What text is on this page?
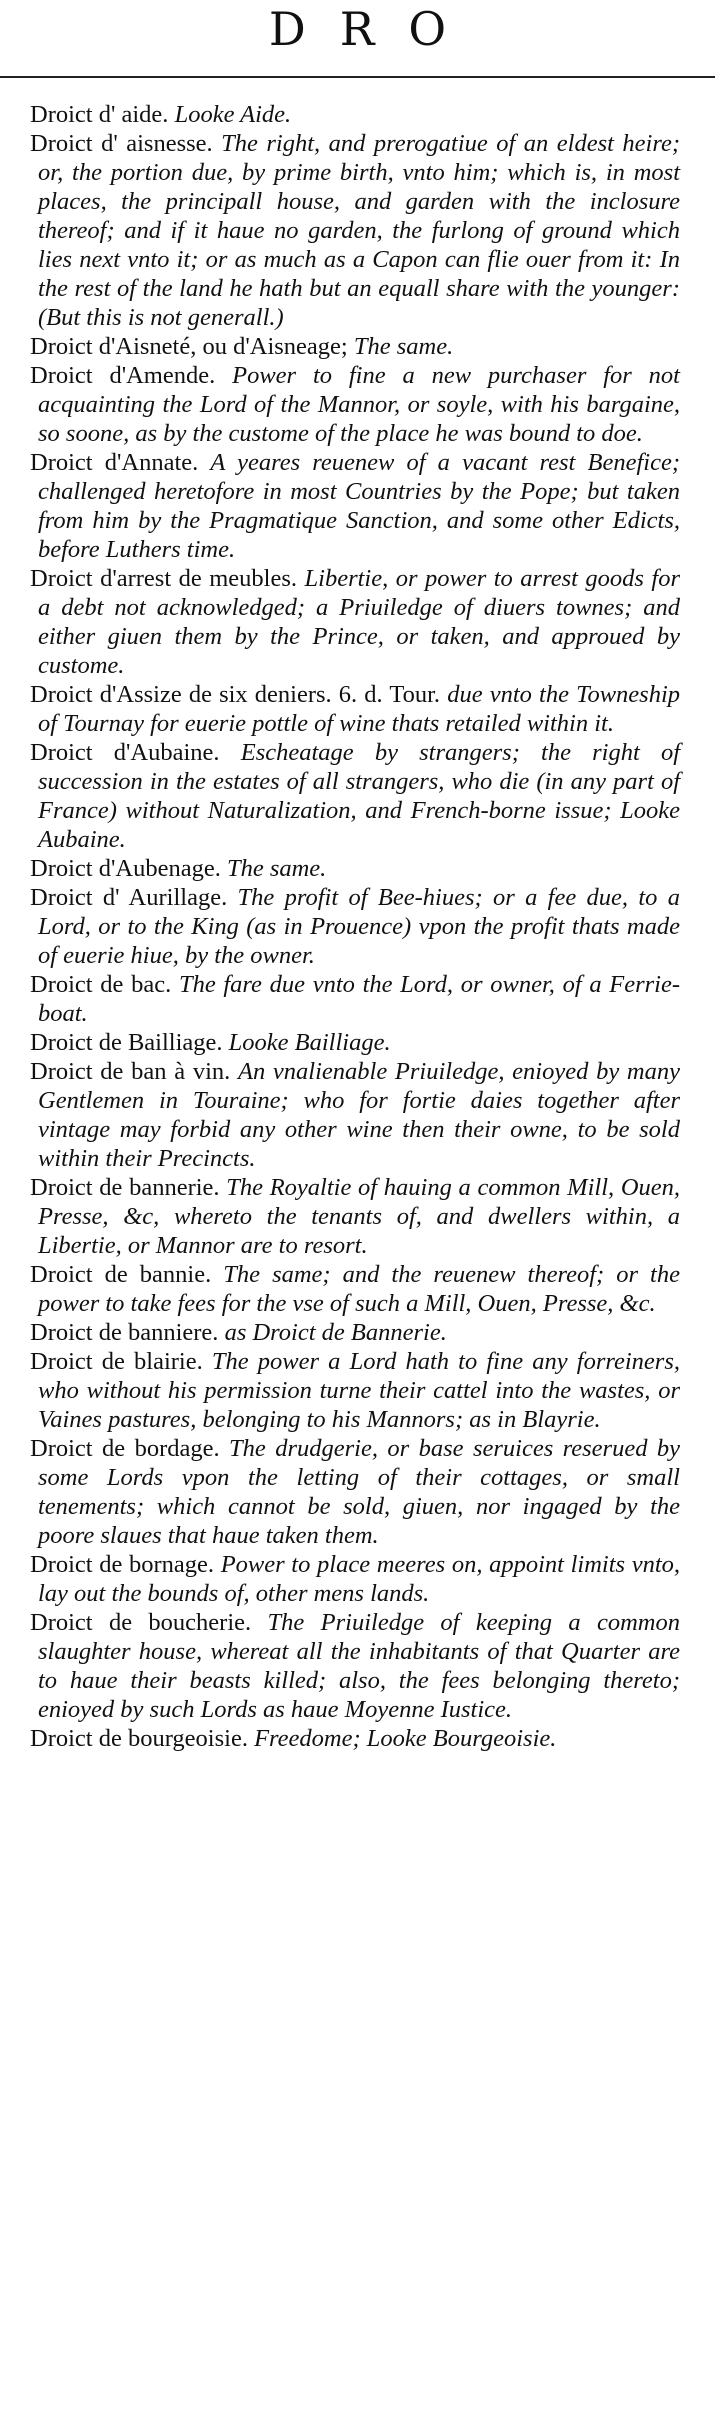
DRO

Droict d' aide. Looke Aide.

Droict d' aisnesse. The right, and prerogatiue of an eldest heire; or, the portion due, by prime birth, vnto him; which is, in most places, the principall house, and garden with the inclosure thereof; and if it haue no garden, the furlong of ground which lies next vnto it; or as much as a Capon can flie ouer from it: In the rest of the land he hath but an equall share with the younger: (But this is not generall.)

Droict d'Aisneté, ou d'Aisneage; The same.

Droict d'Amende. Power to fine a new purchaser for not acquainting the Lord of the Mannor, or soyle, with his bargaine, so soone, as by the custome of the place he was bound to doe.

Droict d'Annate. A yeares reuenew of a vacant rest Benefice; challenged heretofore in most Countries by the Pope; but taken from him by the Pragmatique Sanction, and some other Edicts, before Luthers time.

Droict d'arrest de meubles. Libertie, or power to arrest goods for a debt not acknowledged; a Priuiledge of diuers townes; and either giuen them by the Prince, or taken, and approued by custome.

Droict d'Assize de six deniers. 6. d. Tour. due vnto the Towneship of Tournay for euerie pottle of wine thats retailed within it.

Droict d'Aubaine. Escheatage by strangers; the right of succession in the estates of all strangers, who die (in any part of France) without Naturalization, and French-borne issue; Looke Aubaine.

Droict d'Aubenage. The same.

Droict d' Aurillage. The profit of Bee-hiues; or a fee due, to a Lord, or to the King (as in Prouence) vpon the profit thats made of euerie hiue, by the owner.

Droict de bac. The fare due vnto the Lord, or owner, of a Ferrie-boat.

Droict de Bailliage. Looke Bailliage.

Droict de ban à vin. An vnalienable Priuiledge, enioyed by many Gentlemen in Touraine; who for fortie daies together after vintage may forbid any other wine then their owne, to be sold within their Precincts.

Droict de bannerie. The Royaltie of hauing a common Mill, Ouen, Presse, &c, whereto the tenants of, and dwellers within, a Libertie, or Mannor are to resort.

Droict de bannie. The same; and the reuenew thereof; or the power to take fees for the vse of such a Mill, Ouen, Presse, &c.

Droict de banniere. as Droict de Bannerie.

Droict de blairie. The power a Lord hath to fine any forreiners, who without his permission turne their cattel into the wastes, or Vaines pastures, belonging to his Mannors; as in Blayrie.

Droict de bordage. The drudgerie, or base seruices reserued by some Lords vpon the letting of their cottages, or small tenements; which cannot be sold, giuen, nor ingaged by the poore slaues that haue taken them.

Droict de bornage. Power to place meeres on, appoint limits vnto, lay out the bounds of, other mens lands.

Droict de boucherie. The Priuiledge of keeping a common slaughter house, whereat all the inhabitants of that Quarter are to haue their beasts killed; also, the fees belonging thereto; enioyed by such Lords as haue Moyenne Iustice.

Droict de bourgeoisie. Freedome; Looke Bourgeoisie.
